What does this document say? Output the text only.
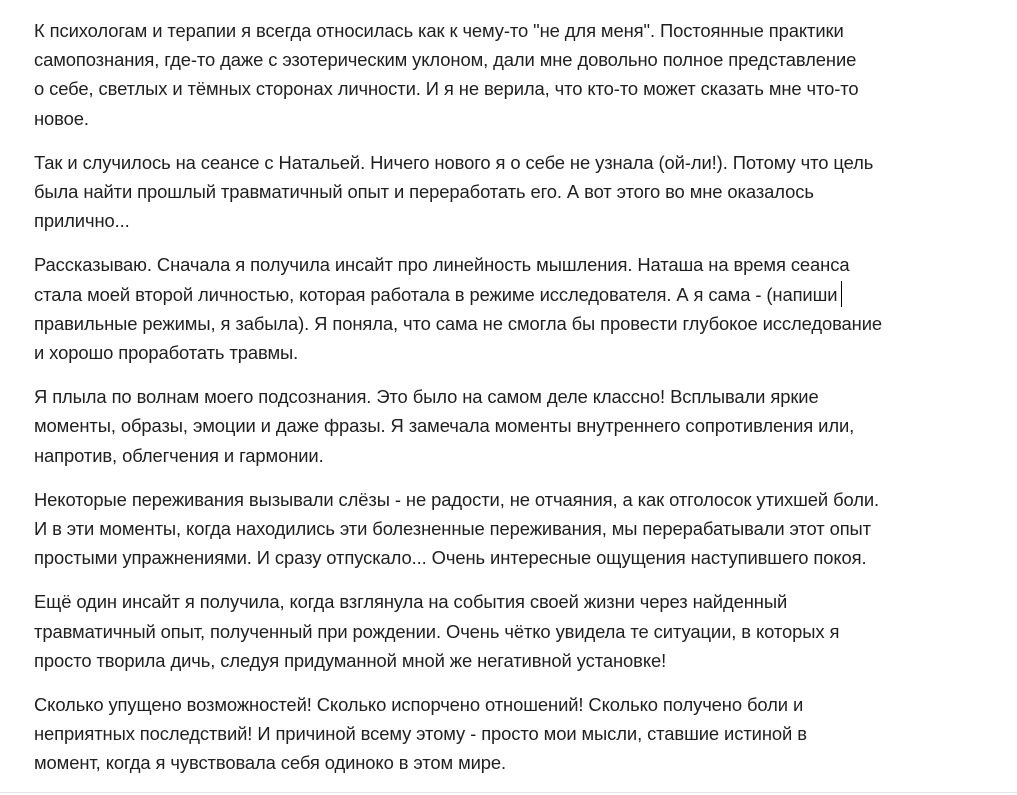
К психологам и терапии я всегда относилась как к чему-то "не для меня". Постоянные практики
самопознания, где-то даже с эзотерическим уклоном, дали мне довольно полное представление
о себе, светлых и тёмных сторонах личности. И я не верила, что кто-то может сказать мне что-то
новое.

Так и случилось на сеансе с Натальей. Ничего нового я о себе не узнала (ой-ли!). Потому что цель
была найти прошлый травматичный опыт и переработать его. А вот этого во мне оказалось
прилично...

Рассказываю. Сначала я получила инсайт про линейность мышления. Наташа на время сеанса
стала моей второй личностью, которая работала в режиме исследователя. А я сама - (напиши
правильные режимы, я забыла). Я поняла, что сама не смогла бы провести глубокое исследование
и хорошо проработать травмы.

Я плыла по волнам моего подсознания. Это было на самом деле классно! Всплывали яркие
моменты, образы, эмоции и даже фразы. Я замечала моменты внутреннего сопротивления или,
напротив, облегчения и гармонии.

Некоторые переживания вызывали слёзы - не радости, не отчаяния, а как отголосок утихшей боли.
И в эти моменты, когда находились эти болезненные переживания, мы перерабатывали этот опыт
простыми упражнениями. И сразу отпускало... Очень интересные ощущения наступившего покоя.

Ещё один инсайт я получила, когда взглянула на события своей жизни через найденный
травматичный опыт, полученный при рождении. Очень чётко увидела те ситуации, в которых я
просто творила дичь, следуя придуманной мной же негативной установке!

Сколько упущено возможностей! Сколько испорчено отношений! Сколько получено боли и
неприятных последствий! И причиной всему этому - просто мои мысли, ставшие истиной в
момент, когда я чувствовала себя одиноко в этом мире.
